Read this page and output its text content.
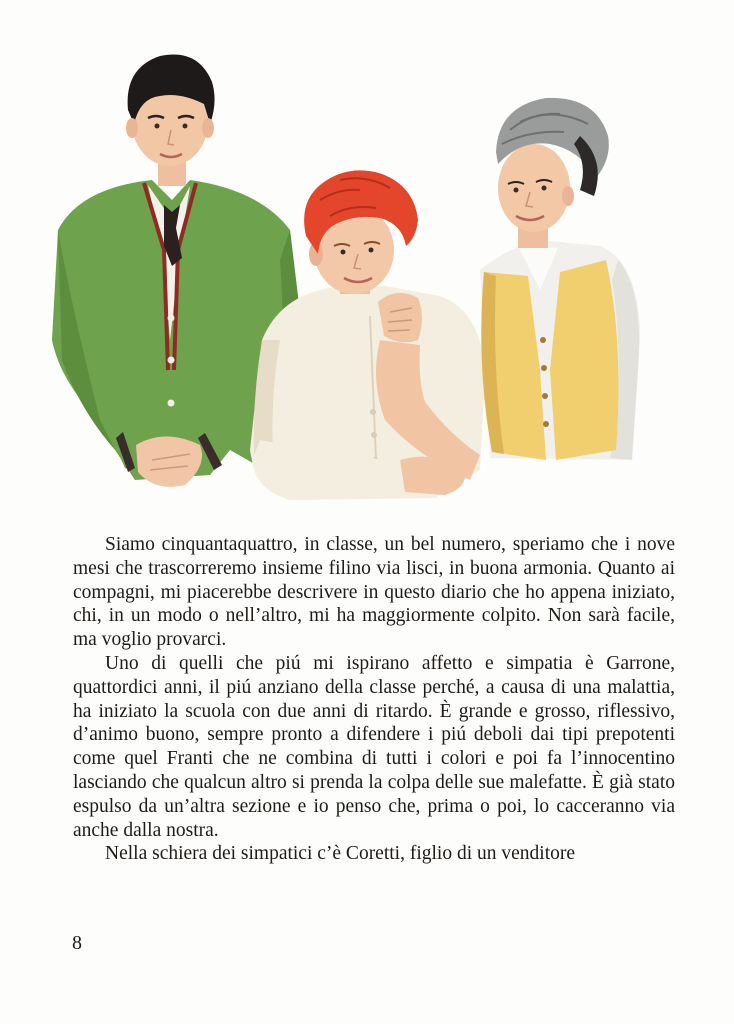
Siamo cinquantaquattro, in classe, un bel numero, speriamo che i nove mesi che trascorreremo insieme filino via lisci, in buona armonia. Quanto ai compagni, mi piacerebbe descrivere in questo diario che ho appena iniziato, chi, in un modo o nell’altro, mi ha maggiormente colpito. Non sarà facile, ma voglio provarci.

Uno di quelli che piú mi ispirano affetto e simpatia è Garrone, quattordici anni, il piú anziano della classe perché, a causa di una malattia, ha iniziato la scuola con due anni di ritardo. È grande e grosso, riflessivo, d’animo buono, sempre pronto a difendere i piú deboli dai tipi prepotenti come quel Franti che ne combina di tutti i colori e poi fa l’innocentino lasciando che qualcun altro si prenda la colpa delle sue malefatte. È già stato espulso da un’altra sezione e io penso che, prima o poi, lo cacceranno via anche dalla nostra.

Nella schiera dei simpatici c’è Coretti, figlio di un venditore

8
